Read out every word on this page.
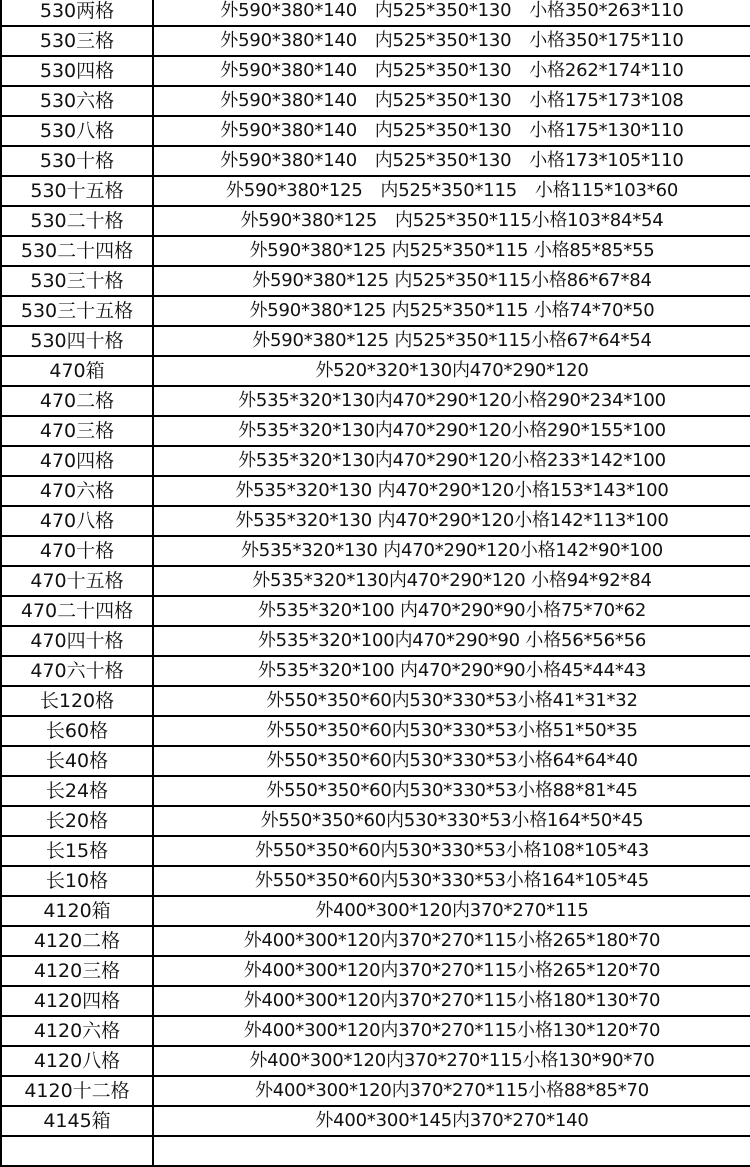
530两格	外590*380*140　内525*350*130　小格350*263*110
530三格	外590*380*140　内525*350*130　小格350*175*110
530四格	外590*380*140　内525*350*130　小格262*174*110
530六格	外590*380*140　内525*350*130　小格175*173*108
530八格	外590*380*140　内525*350*130　小格175*130*110
530十格	外590*380*140　内525*350*130　小格173*105*110
530十五格	外590*380*125　内525*350*115　小格115*103*60
530二十格	外590*380*125　内525*350*115小格103*84*54
530二十四格	外590*380*125 内525*350*115 小格85*85*55
530三十格	外590*380*125 内525*350*115小格86*67*84
530三十五格	外590*380*125 内525*350*115 小格74*70*50
530四十格	外590*380*125 内525*350*115小格67*64*54
470箱	外520*320*130内470*290*120
470二格	外535*320*130内470*290*120小格290*234*100
470三格	外535*320*130内470*290*120小格290*155*100
470四格	外535*320*130内470*290*120小格233*142*100
470六格	外535*320*130 内470*290*120小格153*143*100
470八格	外535*320*130 内470*290*120小格142*113*100
470十格	外535*320*130 内470*290*120小格142*90*100
470十五格	外535*320*130内470*290*120 小格94*92*84
470二十四格	外535*320*100 内470*290*90小格75*70*62
470四十格	外535*320*100内470*290*90 小格56*56*56
470六十格	外535*320*100 内470*290*90小格45*44*43
长120格	外550*350*60内530*330*53小格41*31*32
长60格	外550*350*60内530*330*53小格51*50*35
长40格	外550*350*60内530*330*53小格64*64*40
长24格	外550*350*60内530*330*53小格88*81*45
长20格	外550*350*60内530*330*53小格164*50*45
长15格	外550*350*60内530*330*53小格108*105*43
长10格	外550*350*60内530*330*53小格164*105*45
4120箱	外400*300*120内370*270*115
4120二格	外400*300*120内370*270*115小格265*180*70
4120三格	外400*300*120内370*270*115小格265*120*70
4120四格	外400*300*120内370*270*115小格180*130*70
4120六格	外400*300*120内370*270*115小格130*120*70
4120八格	外400*300*120内370*270*115小格130*90*70
4120十二格	外400*300*120内370*270*115小格88*85*70
4145箱	外400*300*145内370*270*140
